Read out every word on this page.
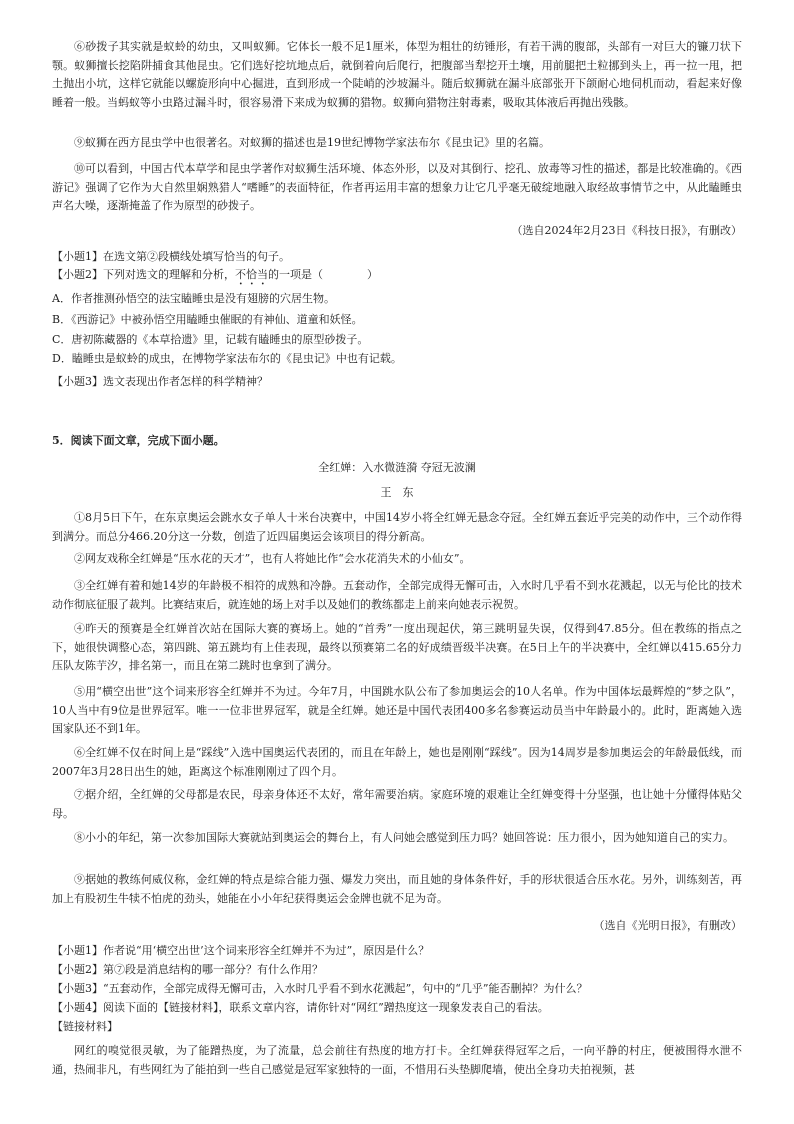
⑥砂拨子其实就是蚁蛉的幼虫，又叫蚁狮。它体长一般不足1厘米，体型为粗壮的纺锤形，有若干满的腹部，头部有一对巨大的镰刀状下颚。蚁狮擅长挖陷阱捕食其他昆虫。它们选好挖坑地点后，就倒着向后爬行，把腹部当犁挖开土壤，用前腿把土粒挪到头上，再一拉一甩，把土抛出小坑，这样它就能以螺旋形向中心掘进，直到形成一个陡峭的沙坡漏斗。随后蚁狮就在漏斗底部张开下颌耐心地伺机而动，看起来好像睡着一般。当蚂蚁等小虫路过漏斗时，很容易滑下来成为蚁狮的猎物。蚁狮向猎物注射毒素，吸取其体液后再抛出残骸。

⑨蚁狮在西方昆虫学中也很著名。对蚁狮的描述也是19世纪博物学家法布尔《昆虫记》里的名篇。

⑩可以看到，中国古代本草学和昆虫学著作对蚁狮生活环境、体态外形，以及对其倒行、挖孔、放毒等习性的描述，都是比较准确的。《西游记》强调了它作为大自然里娴熟猎人“嗜睡”的表面特征，作者再运用丰富的想象力让它几乎毫无破绽地融入取经故事情节之中，从此瞌睡虫声名大噪，逐渐掩盖了作为原型的砂拨子。

（选自2024年2月23日《科技日报》，有删改）

【小题1】在选文第②段横线处填写恰当的句子。

【小题2】下列对选文的理解和分析，不恰当的一项是（　　　　）

A．作者推测孙悟空的法宝瞌睡虫是没有翅膀的穴居生物。

B．《西游记》中被孙悟空用瞌睡虫催眠的有神仙、道童和妖怪。

C．唐初陈藏器的《本草拾遗》里，记载有瞌睡虫的原型砂拨子。

D．瞌睡虫是蚁蛉的成虫，在博物学家法布尔的《昆虫记》中也有记载。

【小题3】选文表现出作者怎样的科学精神？

5．阅读下面文章，完成下面小题。

全红婵：入水微涟漪 夺冠无波澜

王　东

①8月5日下午，在东京奥运会跳水女子单人十米台决赛中，中国14岁小将全红婵无悬念夺冠。全红婵五套近乎完美的动作中，三个动作得到满分。而总分466.20分这一分数，创造了近四届奥运会该项目的得分新高。

②网友戏称全红婵是“压水花的天才”，也有人将她比作“会水花消失术的小仙女”。

③全红婵有着和她14岁的年龄极不相符的成熟和冷静。五套动作，全部完成得无懈可击，入水时几乎看不到水花溅起，以无与伦比的技术动作彻底征服了裁判。比赛结束后，就连她的场上对手以及她们的教练都走上前来向她表示祝贺。

④昨天的预赛是全红婵首次站在国际大赛的赛场上。她的“首秀”一度出现起伏，第三跳明显失误，仅得到47.85分。但在教练的指点之下，她很快调整心态，第四跳、第五跳均有上佳表现，最终以预赛第二名的好成绩晋级半决赛。在5日上午的半决赛中，全红婵以415.65分力压队友陈芋汐，排名第一，而且在第二跳时也拿到了满分。

⑤用“横空出世”这个词来形容全红婵并不为过。今年7月，中国跳水队公布了参加奥运会的10人名单。作为中国体坛最辉煌的“梦之队”，10人当中有9位是世界冠军。唯一一位非世界冠军，就是全红婵。她还是中国代表团400多名参赛运动员当中年龄最小的。此时，距离她入选国家队还不到1年。

⑥全红婵不仅在时间上是“踩线”入选中国奥运代表团的，而且在年龄上，她也是刚刚“踩线”。因为14周岁是参加奥运会的年龄最低线，而2007年3月28日出生的她，距离这个标准刚刚过了四个月。

⑦据介绍，全红婵的父母都是农民，母亲身体还不太好，常年需要治病。家庭环境的艰难让全红婵变得十分坚强，也让她十分懂得体贴父母。

⑧小小的年纪，第一次参加国际大赛就站到奥运会的舞台上，有人问她会感觉到压力吗？她回答说：压力很小，因为她知道自己的实力。

⑨据她的教练何威仪称，金红婵的特点是综合能力强、爆发力突出，而且她的身体条件好，手的形状很适合压水花。另外，训练刻苦，再加上有股初生牛犊不怕虎的劲头，她能在小小年纪获得奥运会金牌也就不足为奇。

（选自《光明日报》，有删改）

【小题1】作者说“用‘横空出世’这个词来形容全红婵并不为过”，原因是什么？

【小题2】第⑦段是消息结构的哪一部分？有什么作用？

【小题3】“五套动作，全部完成得无懈可击，入水时几乎看不到水花溅起”，句中的“几乎”能否删掉？为什么？

【小题4】阅读下面的【链接材料】，联系文章内容，请你针对“网红”蹭热度这一现象发表自己的看法。

【链接材料】

网红的嗅觉很灵敏，为了能蹭热度，为了流量，总会前往有热度的地方打卡。全红婵获得冠军之后，一向平静的村庄，便被围得水泄不通，热闹非凡，有些网红为了能拍到一些自己感觉是冠军家独特的一面，不惜用石头垫脚爬墙，使出全身功夫拍视频，甚
